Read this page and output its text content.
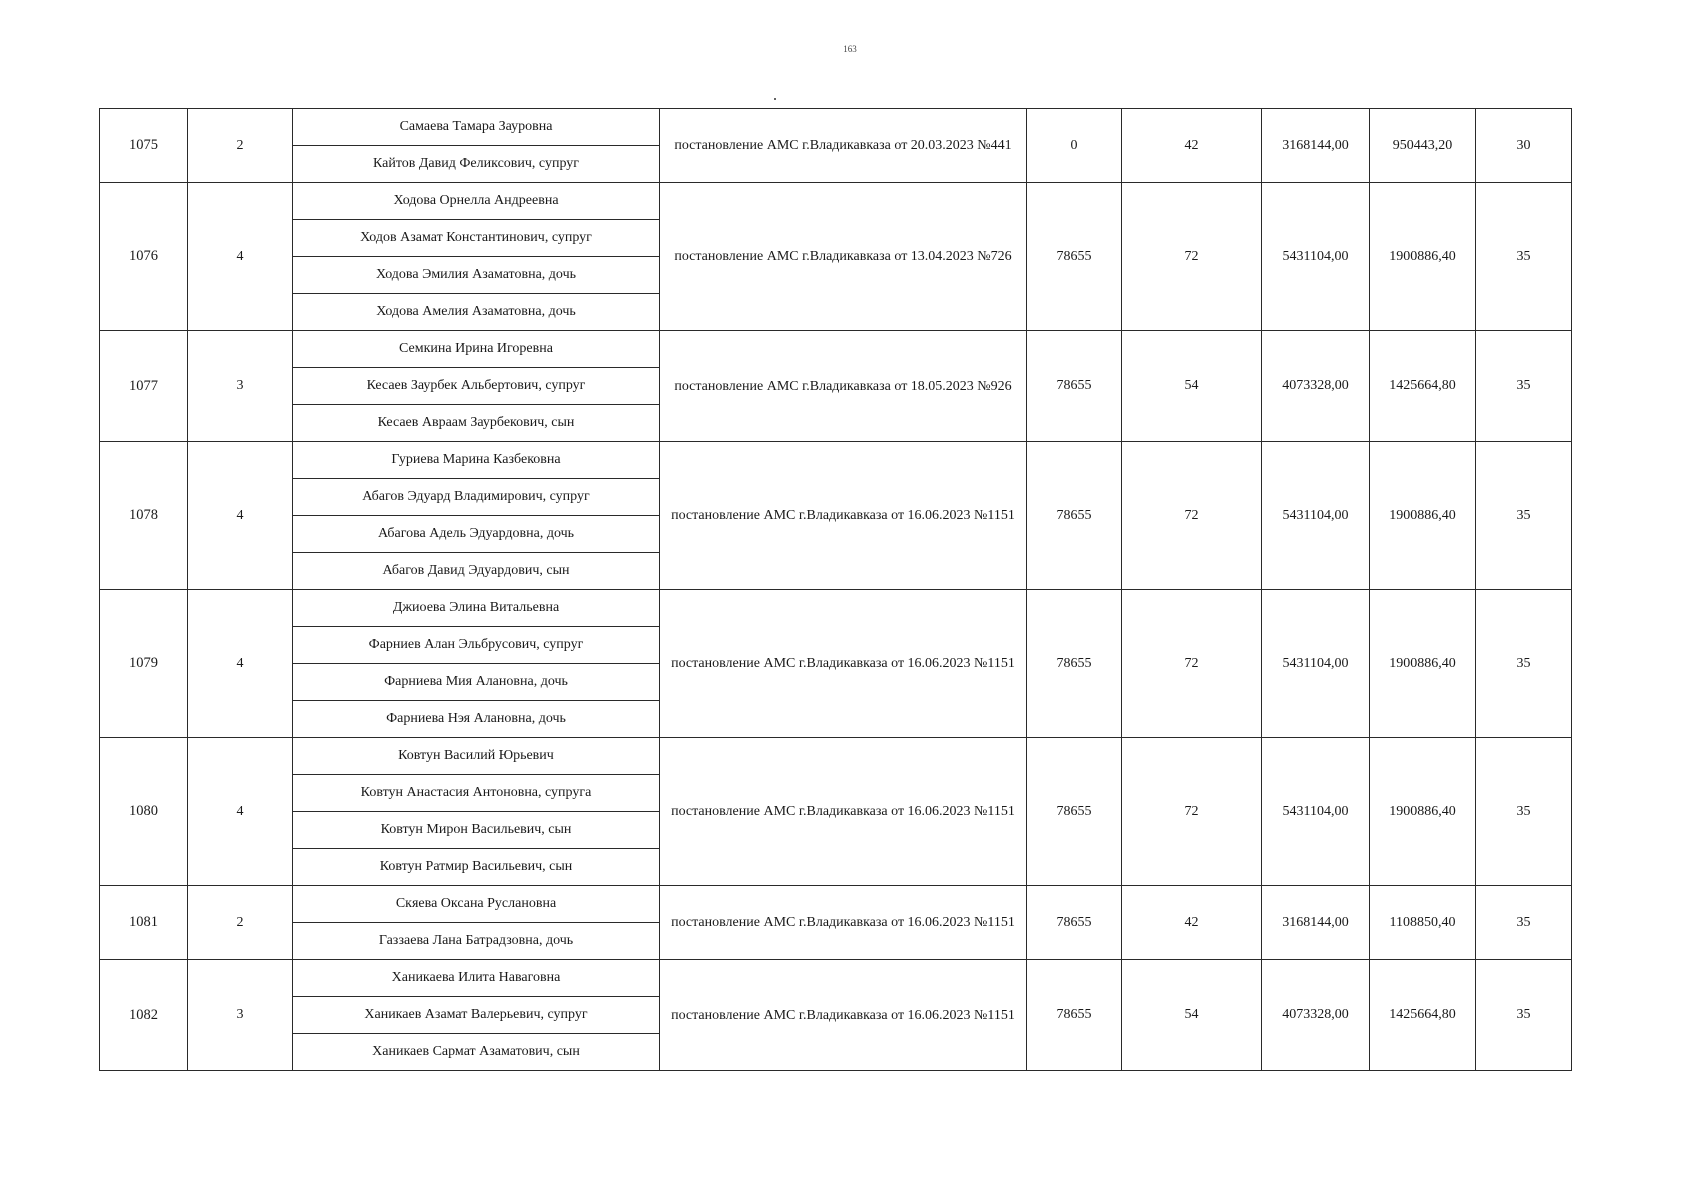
163
1075	2	Самаева Тамара Зауровна	постановление АМС г.Владикавказа от 20.03.2023 №441	0	42	3168144,00	950443,20	30
		Кайтов Давид Феликсович, супруг						
1076	4	Ходова Орнелла Андреевна	постановление АМС г.Владикавказа от 13.04.2023 №726	78655	72	5431104,00	1900886,40	35
		Ходов Азамат Константинович, супруг						
		Ходова Эмилия Азаматовна, дочь						
		Ходова Амелия Азаматовна, дочь						
1077	3	Семкина Ирина Игоревна	постановление АМС г.Владикавказа от 18.05.2023 №926	78655	54	4073328,00	1425664,80	35
		Кесаев Заурбек Альбертович, супруг						
		Кесаев Авраам Заурбекович, сын						
1078	4	Гуриева Марина Казбековна	постановление АМС г.Владикавказа от 16.06.2023 №1151	78655	72	5431104,00	1900886,40	35
		Абагов Эдуард Владимирович, супруг						
		Абагова Адель Эдуардовна, дочь						
		Абагов Давид Эдуардович, сын						
1079	4	Джиоева Элина Витальевна	постановление АМС г.Владикавказа от 16.06.2023 №1151	78655	72	5431104,00	1900886,40	35
		Фарниев Алан Эльбрусович, супруг						
		Фарниева Мия Алановна, дочь						
		Фарниева Нэя Алановна, дочь						
1080	4	Ковтун Василий Юрьевич	постановление АМС г.Владикавказа от 16.06.2023 №1151	78655	72	5431104,00	1900886,40	35
		Ковтун Анастасия Антоновна, супруга						
		Ковтун Мирон Васильевич, сын						
		Ковтун Ратмир Васильевич, сын						
1081	2	Скяева Оксана Руслановна	постановление АМС г.Владикавказа от 16.06.2023 №1151	78655	42	3168144,00	1108850,40	35
		Газзаева Лана Батрадзовна, дочь						
1082	3	Ханикаева Илита Наваговна	постановление АМС г.Владикавказа от 16.06.2023 №1151	78655	54	4073328,00	1425664,80	35
		Ханикаев Азамат Валерьевич, супруг						
		Ханикаев Сармат Азаматович, сын						
